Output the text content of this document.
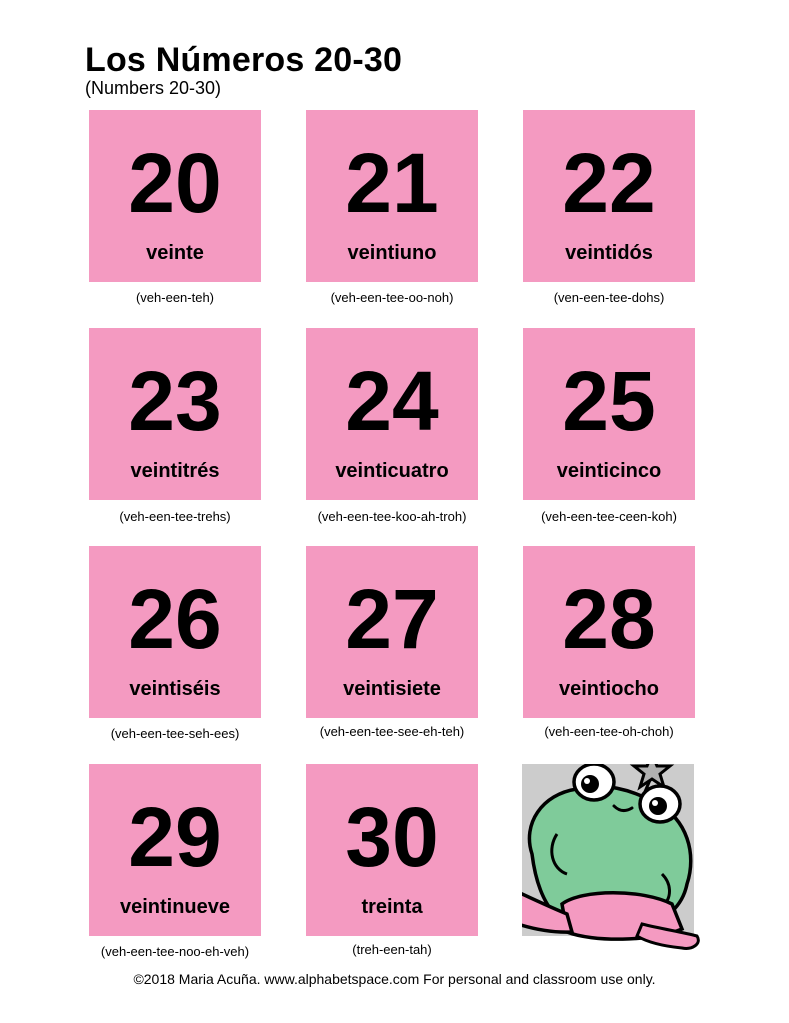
Los Números 20-30
(Numbers 20-30)
20
veinte
(veh-een-teh)
21
veintiuno
(veh-een-tee-oo-noh)
22
veintidós
(ven-een-tee-dohs)
23
veintitrés
(veh-een-tee-trehs)
24
veinticuatro
(veh-een-tee-koo-ah-troh)
25
veinticinco
(veh-een-tee-ceen-koh)
26
veintiséis
(veh-een-tee-seh-ees)
27
veintisiete
(veh-een-tee-see-eh-teh)
28
veintiocho
(veh-een-tee-oh-choh)
29
veintinueve
(veh-een-tee-noo-eh-veh)
30
treinta
(treh-een-tah)
©2018 Maria Acuña. www.alphabetspace.com For personal and classroom use only.
